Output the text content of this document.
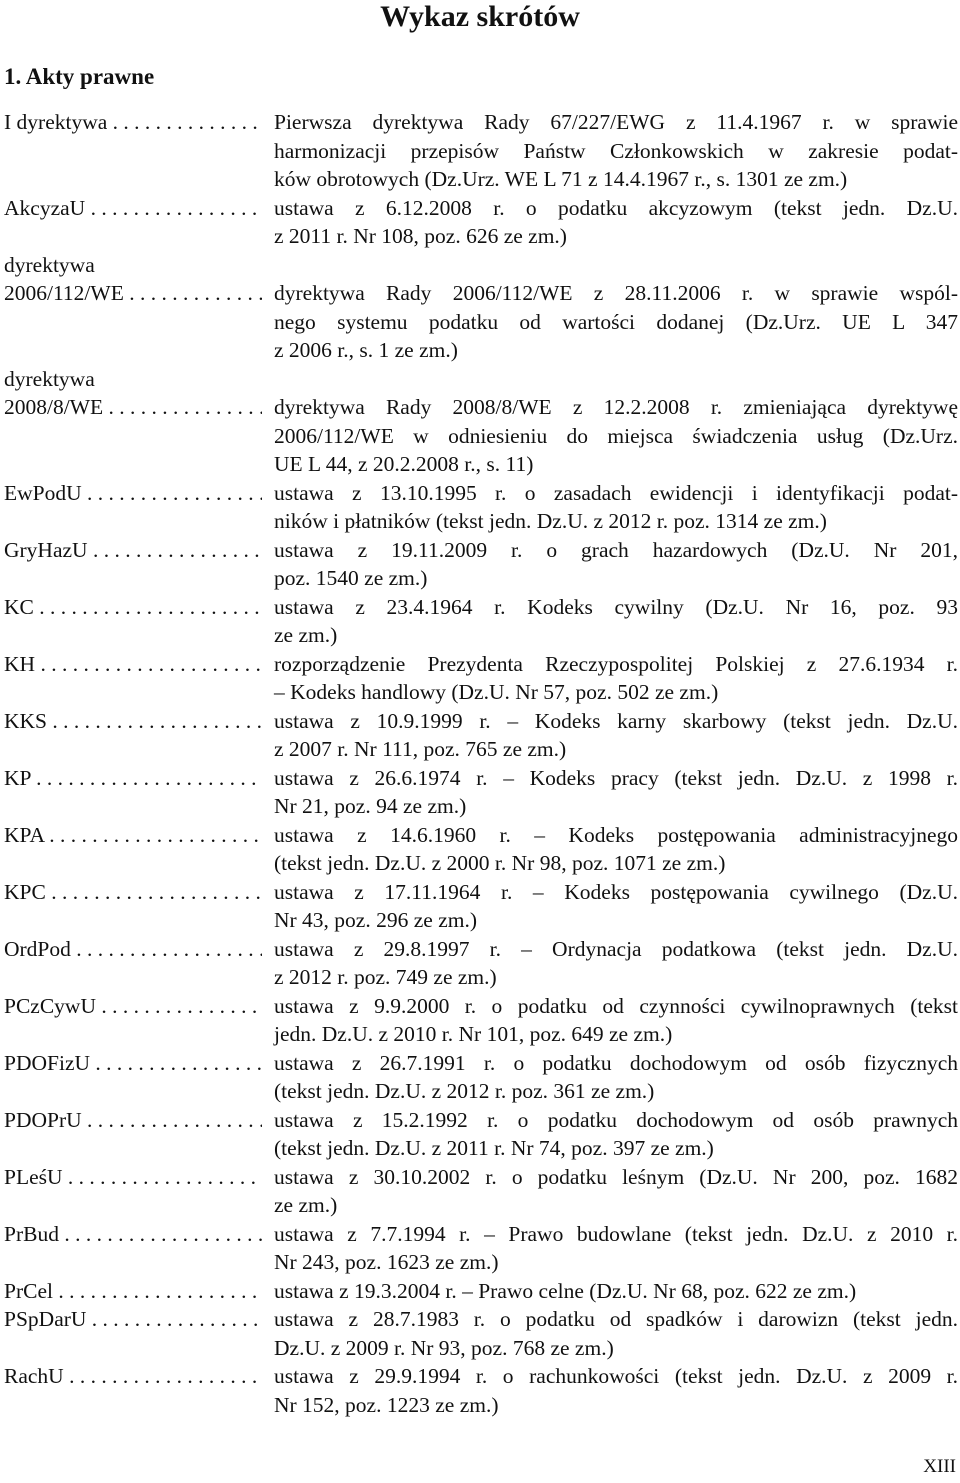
Wykaz skrótów
1. Akty prawne
I dyrektywa . . .	Pierwsza dyrektywa Rady 67/227/EWG z 11.4.1967 r. w sprawie
harmonizacji przepisów Państw Członkowskich w zakresie podat-
ków obrotowych (Dz.Urz. WE L 71 z 14.4.1967 r., s. 1301 ze zm.)
AkcyzaU . . .	ustawa z 6.12.2008 r. o podatku akcyzowym (tekst jedn. Dz.U.
z 2011 r. Nr 108, poz. 626 ze zm.)
dyrektywa
2006/112/WE . . .	dyrektywa Rady 2006/112/WE z 28.11.2006 r. w sprawie wspól-
nego systemu podatku od wartości dodanej (Dz.Urz. UE L 347
z 2006 r., s. 1 ze zm.)
dyrektywa
2008/8/WE . . .	dyrektywa Rady 2008/8/WE z 12.2.2008 r. zmieniająca dyrektywę
2006/112/WE w odniesieniu do miejsca świadczenia usług (Dz.Urz.
UE L 44, z 20.2.2008 r., s. 11)
EwPodU . . .	ustawa z 13.10.1995 r. o zasadach ewidencji i identyfikacji podat-
ników i płatników (tekst jedn. Dz.U. z 2012 r. poz. 1314 ze zm.)
GryHazU . . .	ustawa z 19.11.2009 r. o grach hazardowych (Dz.U. Nr 201,
poz. 1540 ze zm.)
KC . . .	ustawa z 23.4.1964 r. Kodeks cywilny (Dz.U. Nr 16, poz. 93
ze zm.)
KH . . .	rozporządzenie Prezydenta Rzeczypospolitej Polskiej z 27.6.1934 r.
– Kodeks handlowy (Dz.U. Nr 57, poz. 502 ze zm.)
KKS . . .	ustawa z 10.9.1999 r. – Kodeks karny skarbowy (tekst jedn. Dz.U.
z 2007 r. Nr 111, poz. 765 ze zm.)
KP . . .	ustawa z 26.6.1974 r. – Kodeks pracy (tekst jedn. Dz.U. z 1998 r.
Nr 21, poz. 94 ze zm.)
KPA . . .	ustawa z 14.6.1960 r. – Kodeks postępowania administracyjnego
(tekst jedn. Dz.U. z 2000 r. Nr 98, poz. 1071 ze zm.)
KPC . . .	ustawa z 17.11.1964 r. – Kodeks postępowania cywilnego (Dz.U.
Nr 43, poz. 296 ze zm.)
OrdPod . . .	ustawa z 29.8.1997 r. – Ordynacja podatkowa (tekst jedn. Dz.U.
z 2012 r. poz. 749 ze zm.)
PCzCywU . . .	ustawa z 9.9.2000 r. o podatku od czynności cywilnoprawnych (tekst
jedn. Dz.U. z 2010 r. Nr 101, poz. 649 ze zm.)
PDOFizU . . .	ustawa z 26.7.1991 r. o podatku dochodowym od osób fizycznych
(tekst jedn. Dz.U. z 2012 r. poz. 361 ze zm.)
PDOPrU . . .	ustawa z 15.2.1992 r. o podatku dochodowym od osób prawnych
(tekst jedn. Dz.U. z 2011 r. Nr 74, poz. 397 ze zm.)
PLeśU . . .	ustawa z 30.10.2002 r. o podatku leśnym (Dz.U. Nr 200, poz. 1682
ze zm.)
PrBud . . .	ustawa z 7.7.1994 r. – Prawo budowlane (tekst jedn. Dz.U. z 2010 r.
Nr 243, poz. 1623 ze zm.)
PrCel . . .	ustawa z 19.3.2004 r. – Prawo celne (Dz.U. Nr 68, poz. 622 ze zm.)
PSpDarU . . .	ustawa z 28.7.1983 r. o podatku od spadków i darowizn (tekst jedn.
Dz.U. z 2009 r. Nr 93, poz. 768 ze zm.)
RachU . . .	ustawa z 29.9.1994 r. o rachunkowości (tekst jedn. Dz.U. z 2009 r.
Nr 152, poz. 1223 ze zm.)
XIII
